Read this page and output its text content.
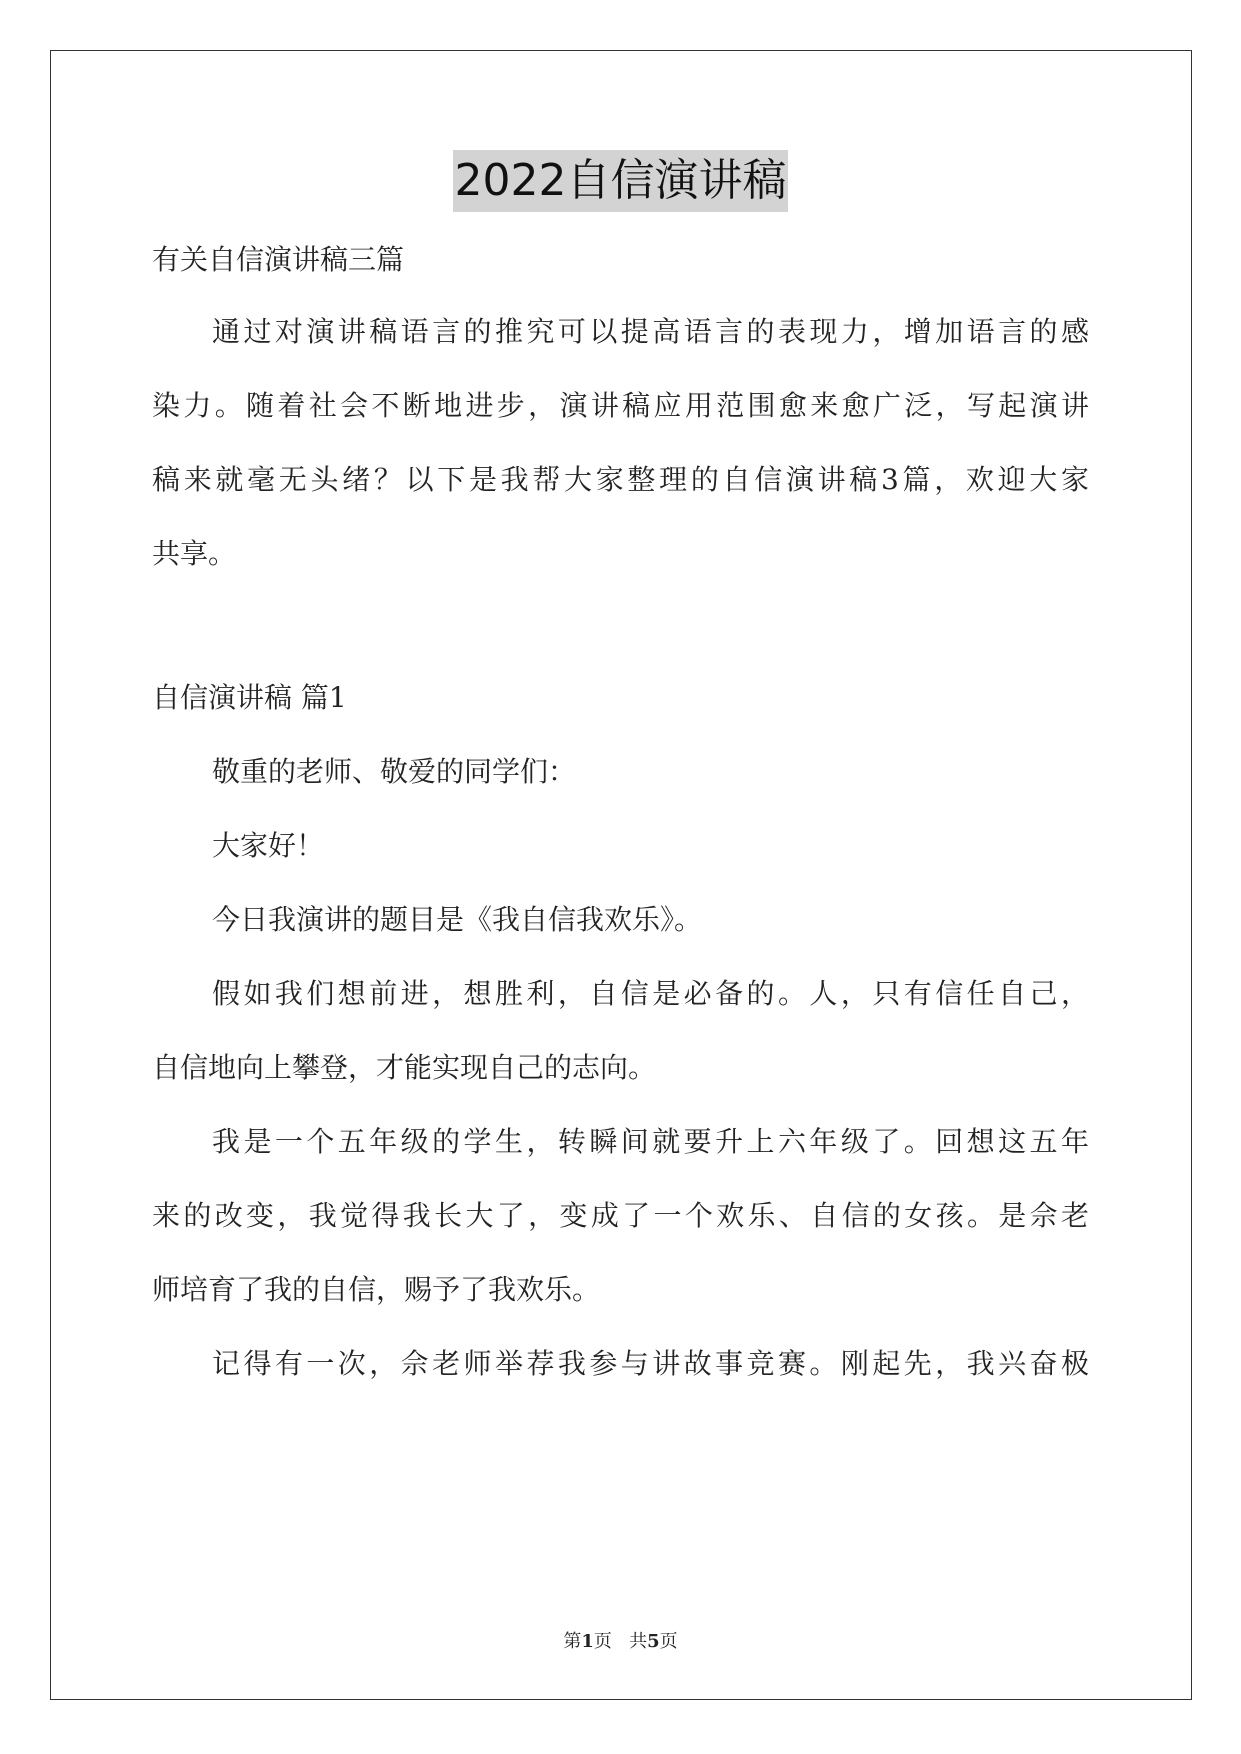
2022自信演讲稿
有关自信演讲稿三篇
通过对演讲稿语言的推究可以提高语言的表现力，增加语言的感
染力。随着社会不断地进步，演讲稿应用范围愈来愈广泛，写起演讲
稿来就毫无头绪？以下是我帮大家整理的自信演讲稿3篇，欢迎大家
共享。
自信演讲稿 篇1
敬重的老师、敬爱的同学们：
大家好！
今日我演讲的题目是《我自信我欢乐》。
假如我们想前进，想胜利，自信是必备的。人，只有信任自己，
自信地向上攀登，才能实现自己的志向。
我是一个五年级的学生，转瞬间就要升上六年级了。回想这五年
来的改变，我觉得我长大了，变成了一个欢乐、自信的女孩。是佘老
师培育了我的自信，赐予了我欢乐。
记得有一次，佘老师举荐我参与讲故事竞赛。刚起先，我兴奋极
第1页 共5页
